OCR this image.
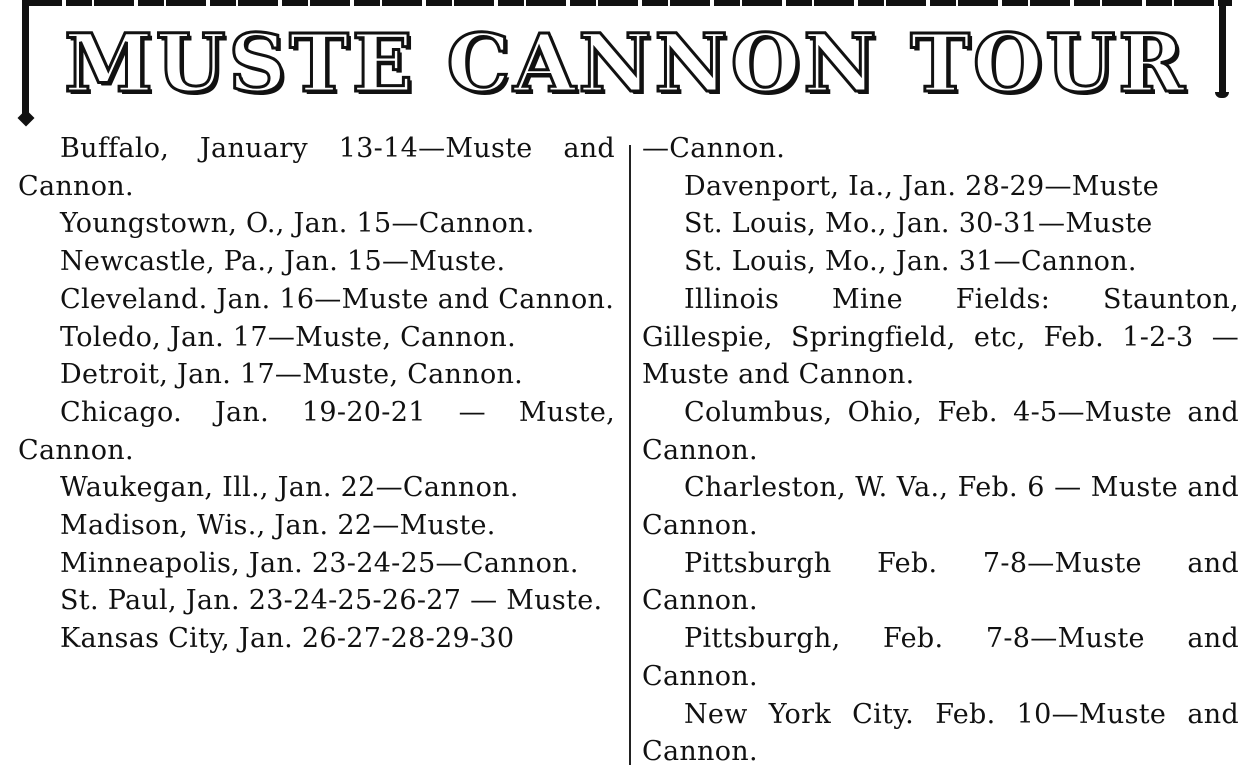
MUSTE CANNON TOUR

Buffalo, January 13-14—Muste and Cannon.

Youngstown, O., Jan. 15—Cannon.

Newcastle, Pa., Jan. 15—Muste.

Cleveland. Jan. 16—Muste and Cannon.

Toledo, Jan. 17—Muste, Cannon.

Detroit, Jan. 17—Muste, Cannon.

Chicago. Jan. 19-20-21 — Muste, Cannon.

Waukegan, Ill., Jan. 22—Cannon.

Madison, Wis., Jan. 22—Muste.

Minneapolis, Jan. 23-24-25—Cannon.

St. Paul, Jan. 23-24-25-26-27 — Muste.

Kansas City, Jan. 26-27-28-29-30

—Cannon.

Davenport, Ia., Jan. 28-29—Muste

St. Louis, Mo., Jan. 30-31—Muste

St. Louis, Mo., Jan. 31—Cannon.

Illinois Mine Fields: Staunton, Gillespie, Springfield, etc, Feb. 1-2-3 —Muste and Cannon.

Columbus, Ohio, Feb. 4-5—Muste and Cannon.

Charleston, W. Va., Feb. 6 — Muste and Cannon.

Pittsburgh Feb. 7-8—Muste and Cannon.

Pittsburgh, Feb. 7-8—Muste and Cannon.

New York City. Feb. 10—Muste and Cannon.
